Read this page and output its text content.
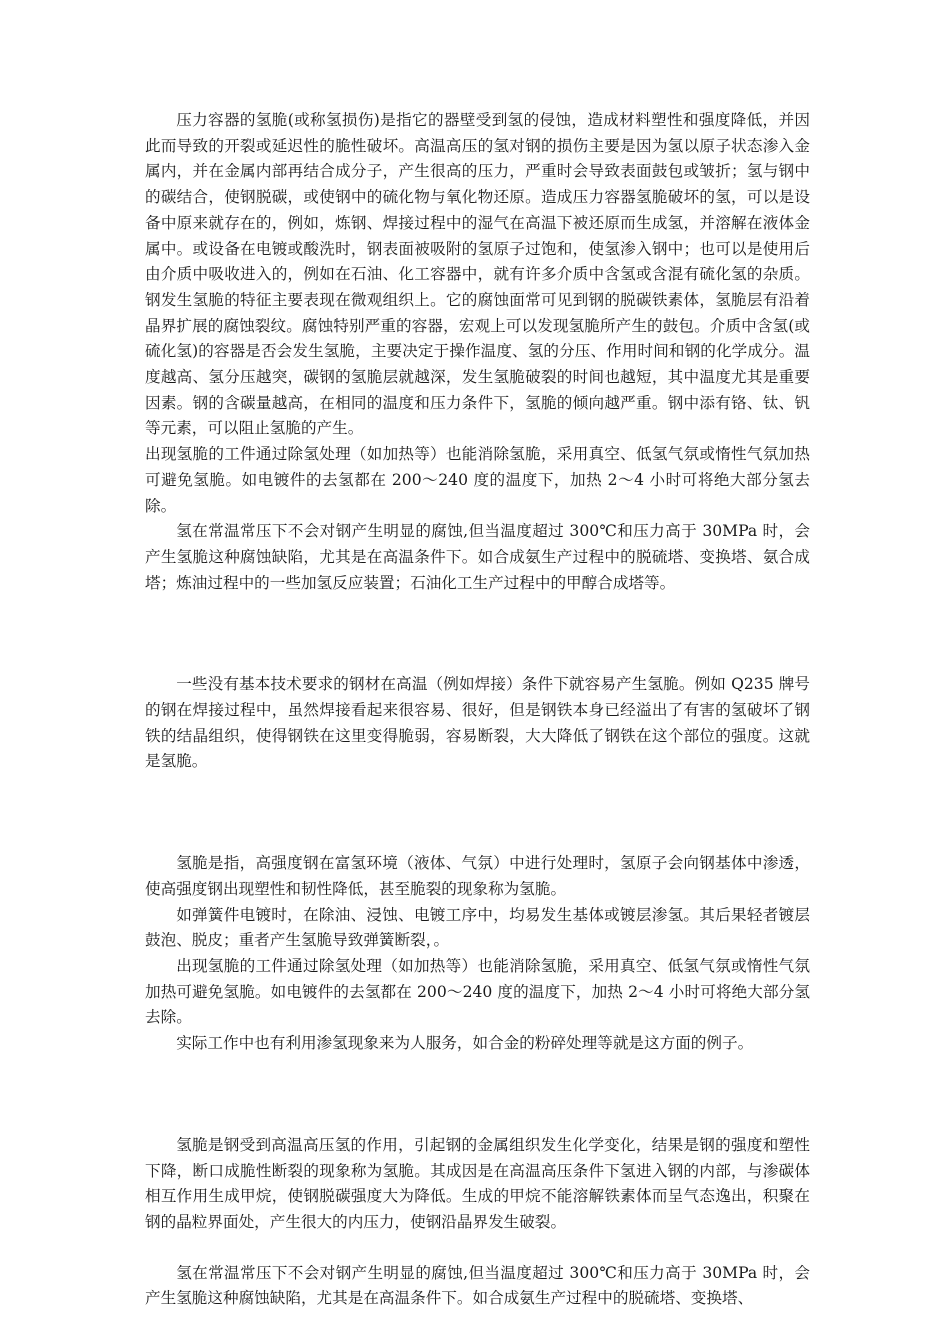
压力容器的氢脆(或称氢损伤)是指它的器壁受到氢的侵蚀，造成材料塑性和强度降低，并因此而导致的开裂或延迟性的脆性破坏。高温高压的氢对钢的损伤主要是因为氢以原子状态渗入金属内，并在金属内部再结合成分子，产生很高的压力，严重时会导致表面鼓包或皱折；氢与钢中的碳结合，使钢脱碳，或使钢中的硫化物与氧化物还原。造成压力容器氢脆破坏的氢，可以是设备中原来就存在的，例如，炼钢、焊接过程中的湿气在高温下被还原而生成氢，并溶解在液体金属中。或设备在电镀或酸洗时，钢表面被吸附的氢原子过饱和，使氢渗入钢中；也可以是使用后由介质中吸收进入的，例如在石油、化工容器中，就有许多介质中含氢或含混有硫化氢的杂质。钢发生氢脆的特征主要表现在微观组织上。它的腐蚀面常可见到钢的脱碳铁素体，氢脆层有沿着晶界扩展的腐蚀裂纹。腐蚀特别严重的容器，宏观上可以发现氢脆所产生的鼓包。介质中含氢(或硫化氢)的容器是否会发生氢脆，主要决定于操作温度、氢的分压、作用时间和钢的化学成分。温度越高、氢分压越突，碳钢的氢脆层就越深，发生氢脆破裂的时间也越短，其中温度尤其是重要因素。钢的含碳量越高，在相同的温度和压力条件下，氢脆的倾向越严重。钢中添有铬、钛、钒等元素，可以阻止氢脆的产生。

出现氢脆的工件通过除氢处理（如加热等）也能消除氢脆，采用真空、低氢气氛或惰性气氛加热可避免氢脆。如电镀件的去氢都在 200～240 度的温度下，加热 2～4 小时可将绝大部分氢去除。

氢在常温常压下不会对钢产生明显的腐蚀,但当温度超过 300℃和压力高于 30MPa 时，会产生氢脆这种腐蚀缺陷，尤其是在高温条件下。如合成氨生产过程中的脱硫塔、变换塔、氨合成塔；炼油过程中的一些加氢反应装置；石油化工生产过程中的甲醇合成塔等。

一些没有基本技术要求的钢材在高温（例如焊接）条件下就容易产生氢脆。例如 Q235 牌号的钢在焊接过程中，虽然焊接看起来很容易、很好，但是钢铁本身已经溢出了有害的氢破坏了钢铁的结晶组织，使得钢铁在这里变得脆弱，容易断裂，大大降低了钢铁在这个部位的强度。这就是氢脆。

氢脆是指，高强度钢在富氢环境（液体、气氛）中进行处理时，氢原子会向钢基体中渗透，使高强度钢出现塑性和韧性降低，甚至脆裂的现象称为氢脆。

如弹簧件电镀时，在除油、浸蚀、电镀工序中，均易发生基体或镀层渗氢。其后果轻者镀层鼓泡、脱皮；重者产生氢脆导致弹簧断裂，。

出现氢脆的工件通过除氢处理（如加热等）也能消除氢脆，采用真空、低氢气氛或惰性气氛加热可避免氢脆。如电镀件的去氢都在 200～240 度的温度下，加热 2～4 小时可将绝大部分氢去除。

实际工作中也有利用渗氢现象来为人服务，如合金的粉碎处理等就是这方面的例子。

氢脆是钢受到高温高压氢的作用，引起钢的金属组织发生化学变化，结果是钢的强度和塑性下降，断口成脆性断裂的现象称为氢脆。其成因是在高温高压条件下氢进入钢的内部，与渗碳体相互作用生成甲烷，使钢脱碳强度大为降低。生成的甲烷不能溶解铁素体而呈气态逸出，积聚在钢的晶粒界面处，产生很大的内压力，使钢沿晶界发生破裂。

氢在常温常压下不会对钢产生明显的腐蚀,但当温度超过 300℃和压力高于 30MPa 时，会产生氢脆这种腐蚀缺陷，尤其是在高温条件下。如合成氨生产过程中的脱硫塔、变换塔、
